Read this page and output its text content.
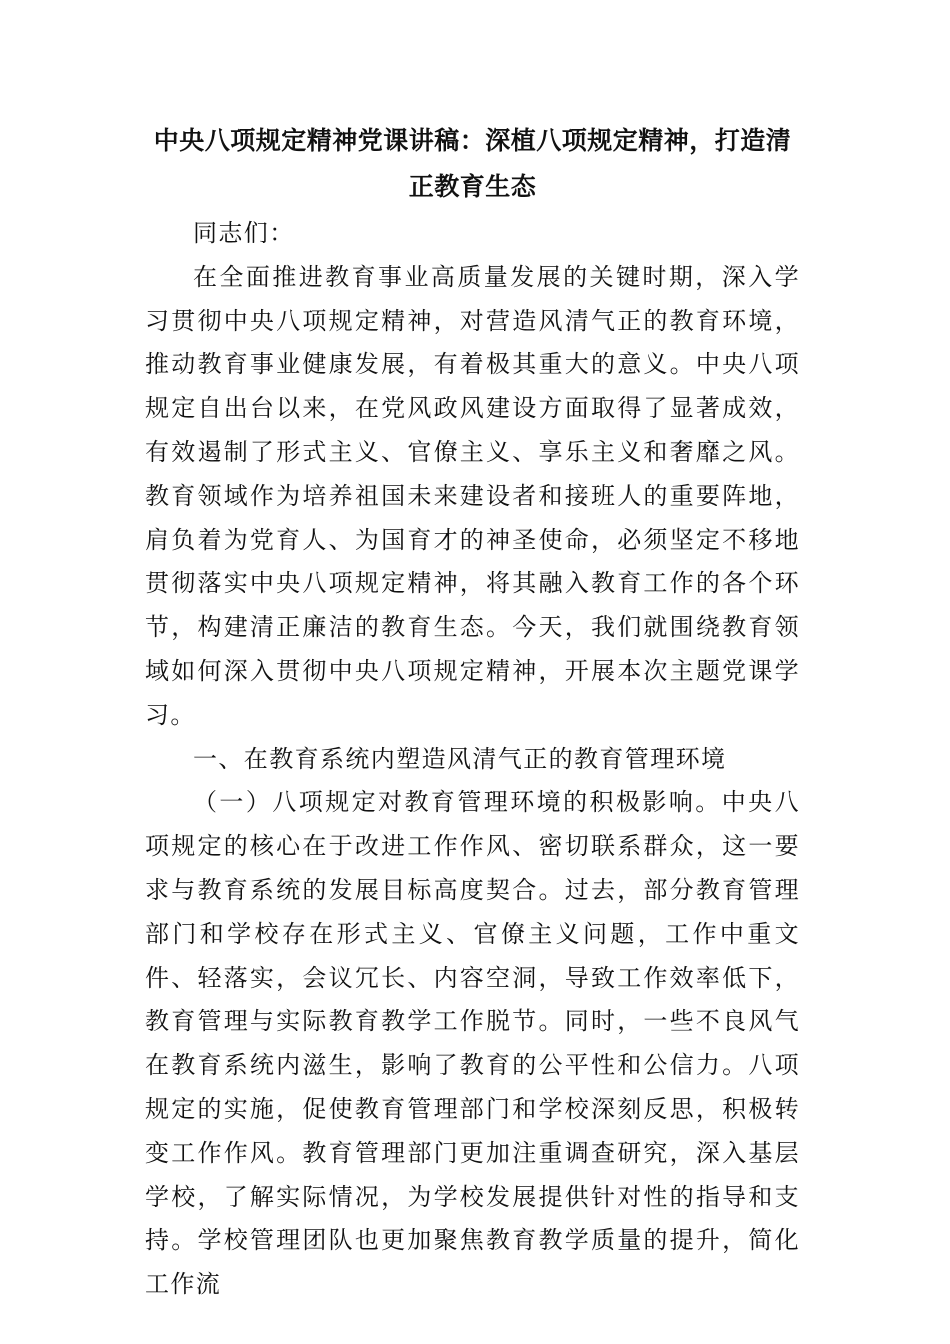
中央八项规定精神党课讲稿：深植八项规定精神，打造清正教育生态

同志们：

在全面推进教育事业高质量发展的关键时期，深入学习贯彻中央八项规定精神，对营造风清气正的教育环境，推动教育事业健康发展，有着极其重大的意义。中央八项规定自出台以来，在党风政风建设方面取得了显著成效，有效遏制了形式主义、官僚主义、享乐主义和奢靡之风。教育领域作为培养祖国未来建设者和接班人的重要阵地，肩负着为党育人、为国育才的神圣使命，必须坚定不移地贯彻落实中央八项规定精神，将其融入教育工作的各个环节，构建清正廉洁的教育生态。今天，我们就围绕教育领域如何深入贯彻中央八项规定精神，开展本次主题党课学习。

一、在教育系统内塑造风清气正的教育管理环境

（一）八项规定对教育管理环境的积极影响。中央八项规定的核心在于改进工作作风、密切联系群众，这一要求与教育系统的发展目标高度契合。过去，部分教育管理部门和学校存在形式主义、官僚主义问题，工作中重文件、轻落实，会议冗长、内容空洞，导致工作效率低下，教育管理与实际教育教学工作脱节。同时，一些不良风气在教育系统内滋生，影响了教育的公平性和公信力。八项规定的实施，促使教育管理部门和学校深刻反思，积极转变工作作风。教育管理部门更加注重调查研究，深入基层学校，了解实际情况，为学校发展提供针对性的指导和支持。学校管理团队也更加聚焦教育教学质量的提升，简化工作流
